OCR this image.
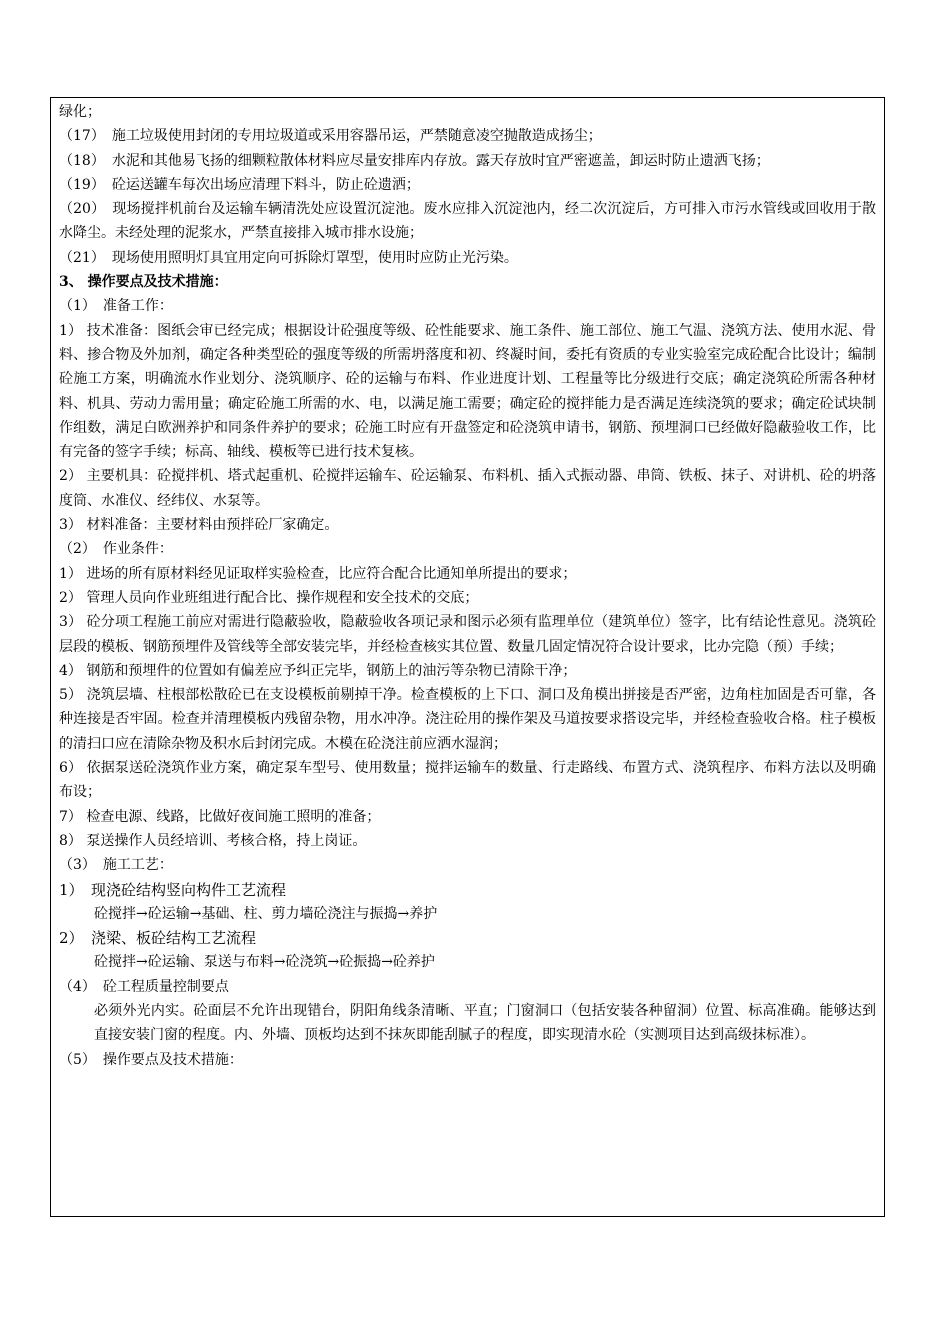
绿化；

（17）　施工垃圾使用封闭的专用垃圾道或采用容器吊运，严禁随意凌空抛散造成扬尘；

（18）　水泥和其他易飞扬的细颗粒散体材料应尽量安排库内存放。露天存放时宜严密遮盖，卸运时防止遗洒飞扬；

（19）　砼运送罐车每次出场应清理下料斗，防止砼遗洒；

（20）　现场搅拌机前台及运输车辆清洗处应设置沉淀池。废水应排入沉淀池内，经二次沉淀后，方可排入市污水管线或回收用于散水降尘。未经处理的泥浆水，严禁直接排入城市排水设施；

（21）　现场使用照明灯具宜用定向可拆除灯罩型，使用时应防止光污染。

3、 操作要点及技术措施：

（1）　准备工作：

1） 技术准备：图纸会审已经完成；根据设计砼强度等级、砼性能要求、施工条件、施工部位、施工气温、浇筑方法、使用水泥、骨料、掺合物及外加剂，确定各种类型砼的强度等级的所需坍落度和初、终凝时间，委托有资质的专业实验室完成砼配合比设计；编制砼施工方案，明确流水作业划分、浇筑顺序、砼的运输与布料、作业进度计划、工程量等比分级进行交底；确定浇筑砼所需各种材料、机具、劳动力需用量；确定砼施工所需的水、电，以满足施工需要；确定砼的搅拌能力是否满足连续浇筑的要求；确定砼试块制作组数，满足白欧洲养护和同条件养护的要求；砼施工时应有开盘签定和砼浇筑申请书，钢筋、预埋洞口已经做好隐蔽验收工作，比有完备的签字手续；标高、轴线、模板等已进行技术复核。

2） 主要机具：砼搅拌机、塔式起重机、砼搅拌运输车、砼运输泵、布料机、插入式振动器、串筒、铁板、抹子、对讲机、砼的坍落度筒、水准仪、经纬仪、水泵等。

3） 材料准备：主要材料由预拌砼厂家确定。

（2）　作业条件：

1） 进场的所有原材料经见证取样实验检查，比应符合配合比通知单所提出的要求；

2） 管理人员向作业班组进行配合比、操作规程和安全技术的交底；

3） 砼分项工程施工前应对需进行隐蔽验收，隐蔽验收各项记录和图示必须有监理单位（建筑单位）签字，比有结论性意见。浇筑砼层段的模板、钢筋预埋件及管线等全部安装完毕，并经检查核实其位置、数量几固定情况符合设计要求，比办完隐（预）手续；

4） 钢筋和预埋件的位置如有偏差应予纠正完毕，钢筋上的油污等杂物已清除干净；

5） 浇筑层墙、柱根部松散砼已在支设模板前剔掉干净。检查模板的上下口、洞口及角模出拼接是否严密，边角柱加固是否可靠，各种连接是否牢固。检查并清理模板内残留杂物，用水冲净。浇注砼用的操作架及马道按要求搭设完毕，并经检查验收合格。柱子模板的清扫口应在清除杂物及积水后封闭完成。木模在砼浇注前应洒水湿润；

6） 依据泵送砼浇筑作业方案，确定泵车型号、使用数量；搅拌运输车的数量、行走路线、布置方式、浇筑程序、布料方法以及明确布设；

7） 检查电源、线路，比做好夜间施工照明的准备；

8） 泵送操作人员经培训、考核合格，持上岗证。

（3）　施工工艺：

1）　现浇砼结构竖向构件工艺流程

砼搅拌→砼运输→基础、柱、剪力墙砼浇注与振捣→养护

2）　浇梁、板砼结构工艺流程

砼搅拌→砼运输、泵送与布料→砼浇筑→砼振捣→砼养护

（4）　砼工程质量控制要点

必须外光内实。砼面层不允许出现错台，阴阳角线条清晰、平直；门窗洞口（包括安装各种留洞）位置、标高准确。能够达到直接安装门窗的程度。内、外墙、顶板均达到不抹灰即能刮腻子的程度，即实现清水砼（实测项目达到高级抹标准）。

（5）　操作要点及技术措施：
